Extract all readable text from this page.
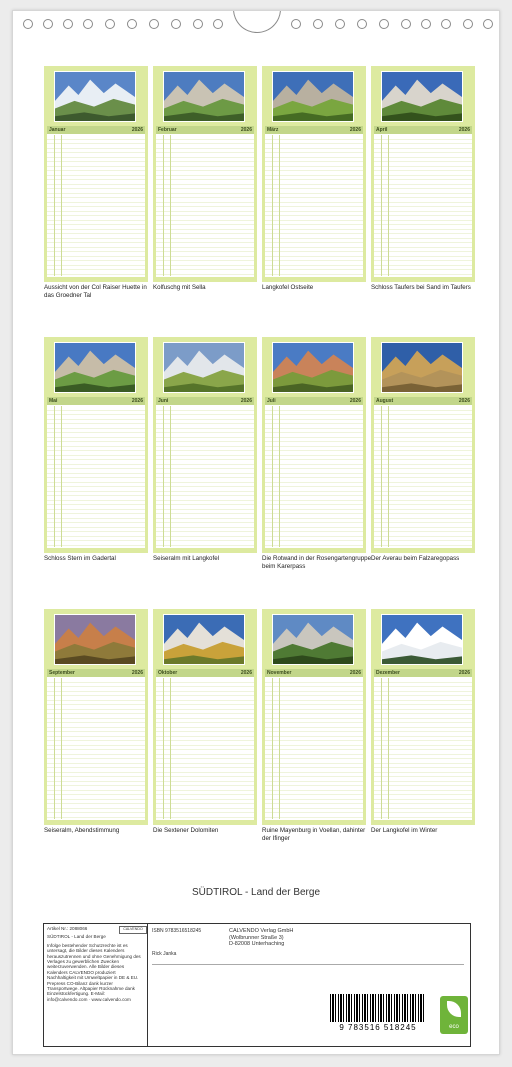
Januar	2026
Aussicht von der Col Raiser Huette in das Groedner Tal
Februar	2026
Kolfuschg mit Sella
März	2026
Langkofel Ostseite
April	2026
Schloss Taufers bei Sand im Taufers
Mai	2026
Schloss Stern im Gadertal
Juni	2026
Seiseralm mit Langkofel
Juli	2026
Die Rotwand in der Rosengartengruppe beim Karerpass
August	2026
Der Averau beim Falzaregopass
September	2026
Seiseralm, Abendstimmung
Oktober	2026
Die Sextener Dolomiten
November	2026
Ruine Mayenburg in Voellan, dahinter der Ifinger
Dezember	2026
Der Langkofel im Winter
SÜDTIROL - Land der Berge
Artikel Nr.: 2088066	CALVENDO
SÜDTIROL - Land der Berge
Infolge bestehender Schutzrechte ist es untersagt, die Bilder dieses Kalenders herauszutrennen und ohne Genehmigung des Verlages zu gewerblichen Zwecken weiterzuverwenden. Alle Bilder dieses Kalenders CALVENDO produziert Nachhaltigkeit mit Umweltpapier in DE & EU. Prepress CO-Bilanz dank kurzer Transportwege. Altpapier Rücknahme dank Einzelstückfertigung. E-Mail: info@calvendo.com · www.calvendo.com
ISBN 9783516518245	CALVENDO Verlag GmbH
(Wolbrunner Straße 3)
D-82008 Unterhaching
Rick Janka
9 783516 518245	eco
